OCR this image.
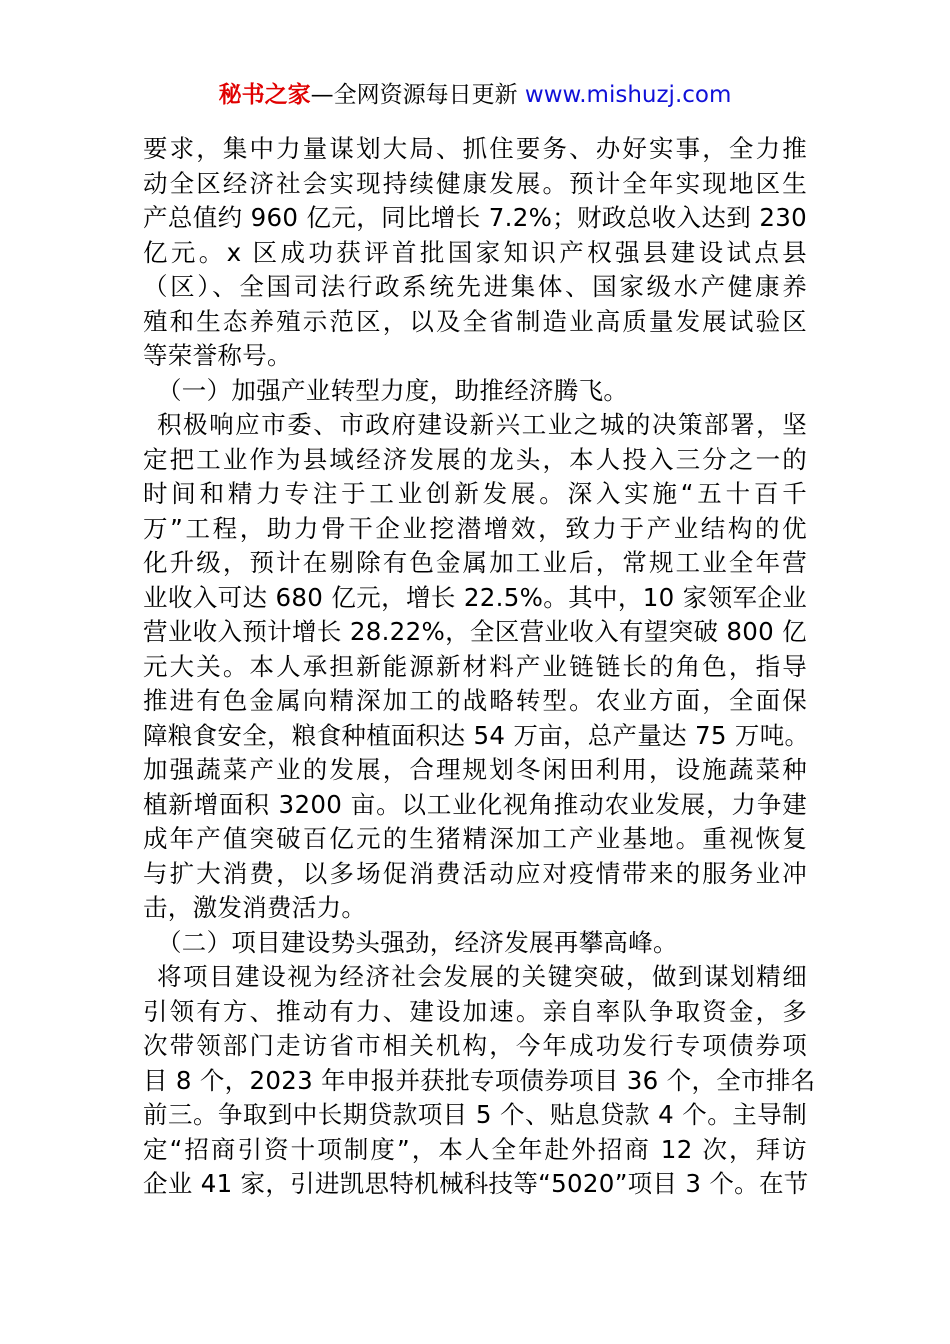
秘书之家—全网资源每日更新 www.mishuzj.com
要求，集中力量谋划大局、抓住要务、办好实事，全力推
动全区经济社会实现持续健康发展。预计全年实现地区生
产总值约 960 亿元，同比增长 7.2%；财政总收入达到 230
亿元。x 区成功获评首批国家知识产权强县建设试点县
（区）、全国司法行政系统先进集体、国家级水产健康养
殖和生态养殖示范区，以及全省制造业高质量发展试验区
等荣誉称号。
（一）加强产业转型力度，助推经济腾飞。
积极响应市委、市政府建设新兴工业之城的决策部署，坚
定把工业作为县域经济发展的龙头，本人投入三分之一的
时间和精力专注于工业创新发展。深入实施“五十百千
万”工程，助力骨干企业挖潜增效，致力于产业结构的优
化升级，预计在剔除有色金属加工业后，常规工业全年营
业收入可达 680 亿元，增长 22.5%。其中，10 家领军企业
营业收入预计增长 28.22%，全区营业收入有望突破 800 亿
元大关。本人承担新能源新材料产业链链长的角色，指导
推进有色金属向精深加工的战略转型。农业方面，全面保
障粮食安全，粮食种植面积达 54 万亩，总产量达 75 万吨。
加强蔬菜产业的发展，合理规划冬闲田利用，设施蔬菜种
植新增面积 3200 亩。以工业化视角推动农业发展，力争建
成年产值突破百亿元的生猪精深加工产业基地。重视恢复
与扩大消费，以多场促消费活动应对疫情带来的服务业冲
击，激发消费活力。
（二）项目建设势头强劲，经济发展再攀高峰。
将项目建设视为经济社会发展的关键突破，做到谋划精细
引领有方、推动有力、建设加速。亲自率队争取资金，多
次带领部门走访省市相关机构，今年成功发行专项债券项
目 8 个，2023 年申报并获批专项债券项目 36 个，全市排名
前三。争取到中长期贷款项目 5 个、贴息贷款 4 个。主导制
定“招商引资十项制度”，本人全年赴外招商 12 次，拜访
企业 41 家，引进凯思特机械科技等“5020”项目 3 个。在节
